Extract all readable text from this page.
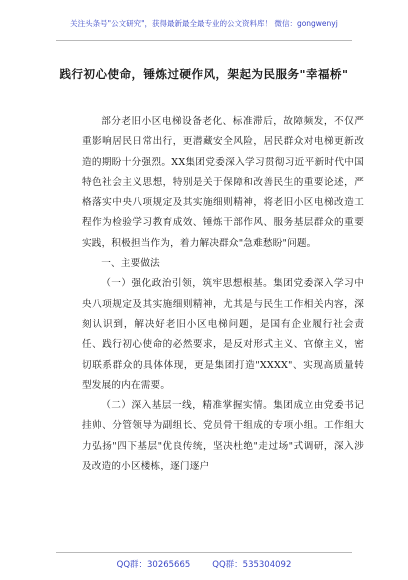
关注头条号"公文研究"，获得最新最全最专业的公文资料库！ 微信：gongwenyj
践行初心使命，锤炼过硬作风，架起为民服务"幸福桥"

部分老旧小区电梯设备老化、标准滞后，故障频发，不仅严重影响居民日常出行，更潜藏安全风险，居民群众对电梯更新改造的期盼十分强烈。XX集团党委深入学习贯彻习近平新时代中国特色社会主义思想，特别是关于保障和改善民生的重要论述，严格落实中央八项规定及其实施细则精神，将老旧小区电梯改造工程作为检验学习教育成效、锤炼干部作风、服务基层群众的重要实践，积极担当作为，着力解决群众"急难愁盼"问题。

一、主要做法

（一）强化政治引领，筑牢思想根基。集团党委深入学习中央八项规定及其实施细则精神，尤其是与民生工作相关内容，深刻认识到，解决好老旧小区电梯问题，是国有企业履行社会责任、践行初心使命的必然要求，是反对形式主义、官僚主义，密切联系群众的具体体现，更是集团打造"XXXX"、实现高质量转型发展的内在需要。

（二）深入基层一线，精准掌握实情。集团成立由党委书记挂帅、分管领导为副组长、党员骨干组成的专项小组。工作组大力弘扬"四下基层"优良传统，坚决杜绝"走过场"式调研，深入涉及改造的小区楼栋，逐门逐户

QQ群：30265665	QQ群：535304092
